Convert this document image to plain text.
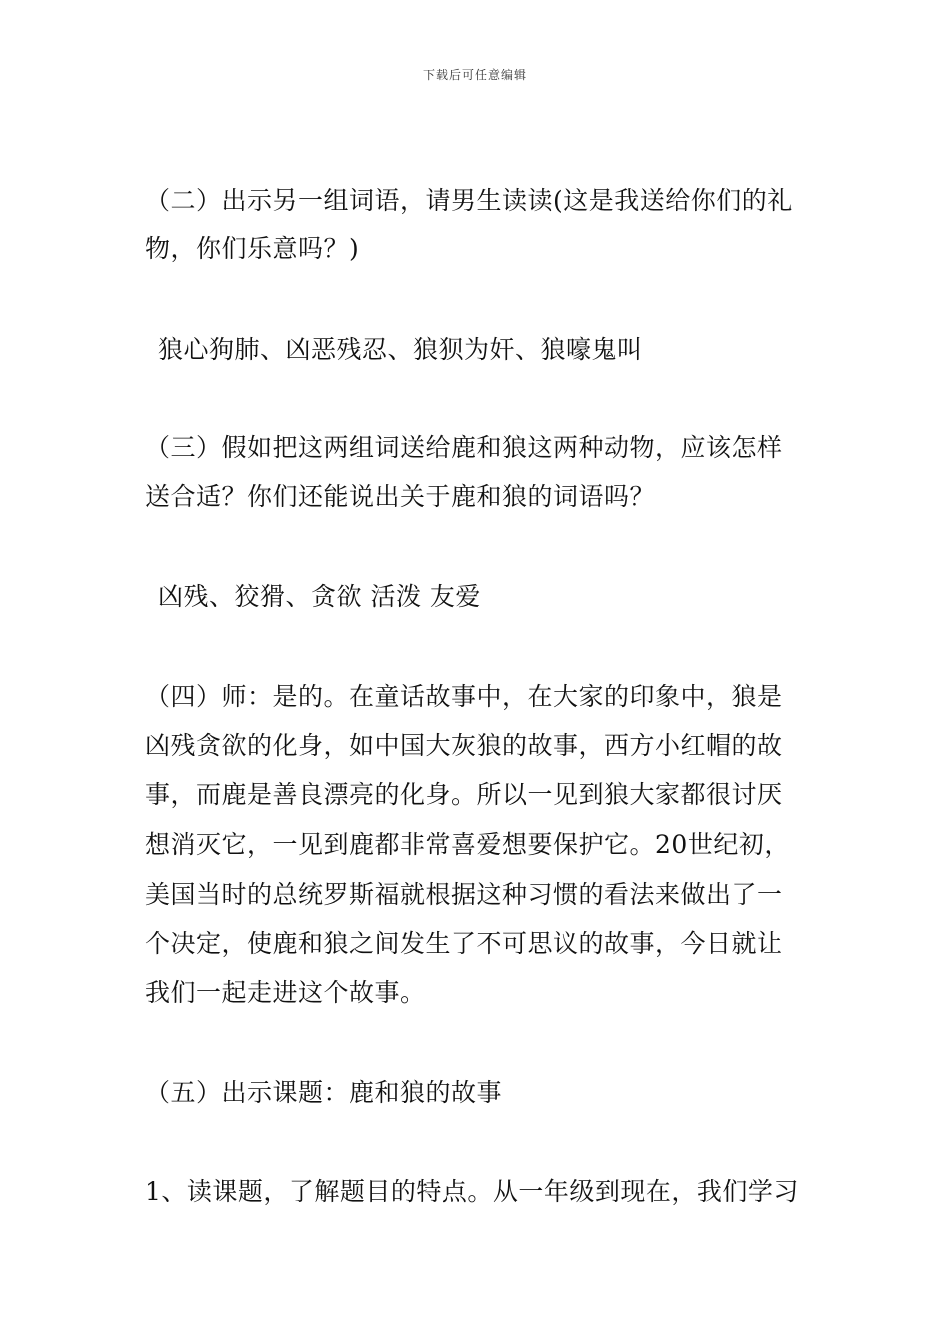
下载后可任意编辑
（二）出示另一组词语，请男生读读(这是我送给你们的礼
物，你们乐意吗？)
狼心狗肺、凶恶残忍、狼狈为奸、狼嚎鬼叫
（三）假如把这两组词送给鹿和狼这两种动物，应该怎样
送合适？你们还能说出关于鹿和狼的词语吗？
凶残、狡猾、贪欲 活泼 友爱
（四）师：是的。在童话故事中，在大家的印象中，狼是
凶残贪欲的化身，如中国大灰狼的故事，西方小红帽的故
事，而鹿是善良漂亮的化身。所以一见到狼大家都很讨厌
想消灭它，一见到鹿都非常喜爱想要保护它。20世纪初，
美国当时的总统罗斯福就根据这种习惯的看法来做出了一
个决定，使鹿和狼之间发生了不可思议的故事，今日就让
我们一起走进这个故事。
（五）出示课题：鹿和狼的故事
1、读课题，了解题目的特点。从一年级到现在，我们学习
